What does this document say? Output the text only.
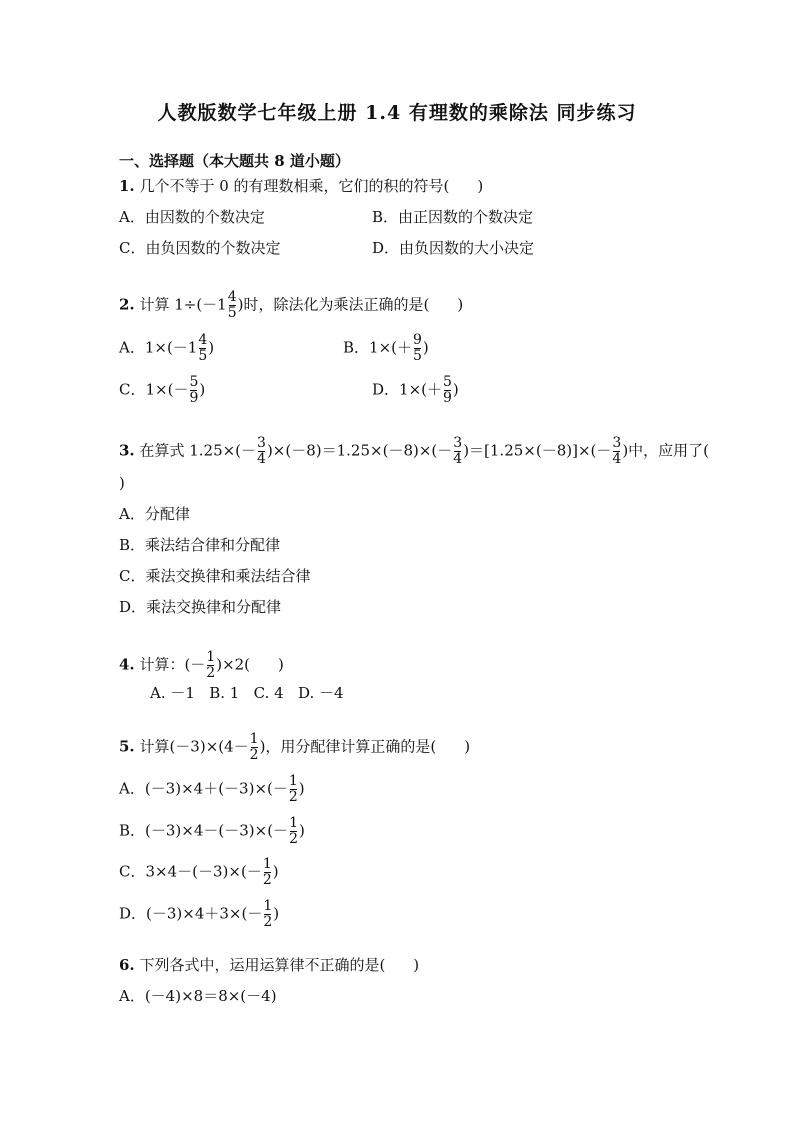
人教版数学七年级上册 1.4 有理数的乘除法 同步练习
一、选择题（本大题共 8 道小题）
1. 几个不等于 0 的有理数相乘，它们的积的符号( )
A．由因数的个数决定	B．由正因数的个数决定
C．由负因数的个数决定	D．由负因数的大小决定
2. 计算 $1\div(-1 \frac{4}{5}$ )时，除法化为乘法正确的是( )
A．$1\times(-1 \frac{4}{5}$ )	B．$1\times(+ \frac{9}{5}$ )
C．$1\times(- \frac{5}{9}$ )	D．$1\times(+ \frac{5}{9}$ )
3. 在算式 $1.25\times(- \frac{3}{4} )\times(-8)=1.25\times(-8)\times(- \frac{3}{4} )=[1.25\times(-8)]\times(- \frac{3}{4}$ )中，应用了(
)
A．分配律
B．乘法结合律和分配律
C．乘法交换律和乘法结合律
D．乘法交换律和分配律
4. 计算：(－ $\frac{1}{2} )\times 2$( )
A. －1   B. 1   C. 4   D. －4
5. 计算$(-3)\times(4- \frac{1}{2}$ )，用分配律计算正确的是( )
A．$(-3)\times 4+(-3)\times(- \frac{1}{2}$ )
B．$(-3)\times 4-(-3)\times(- \frac{1}{2}$ )
C．$3\times 4-(-3)\times(- \frac{1}{2}$ )
D．$(-3)\times 4+3\times(- \frac{1}{2}$ )
6. 下列各式中，运用运算律不正确的是( )
A．(－4)×8＝8×(－4)
